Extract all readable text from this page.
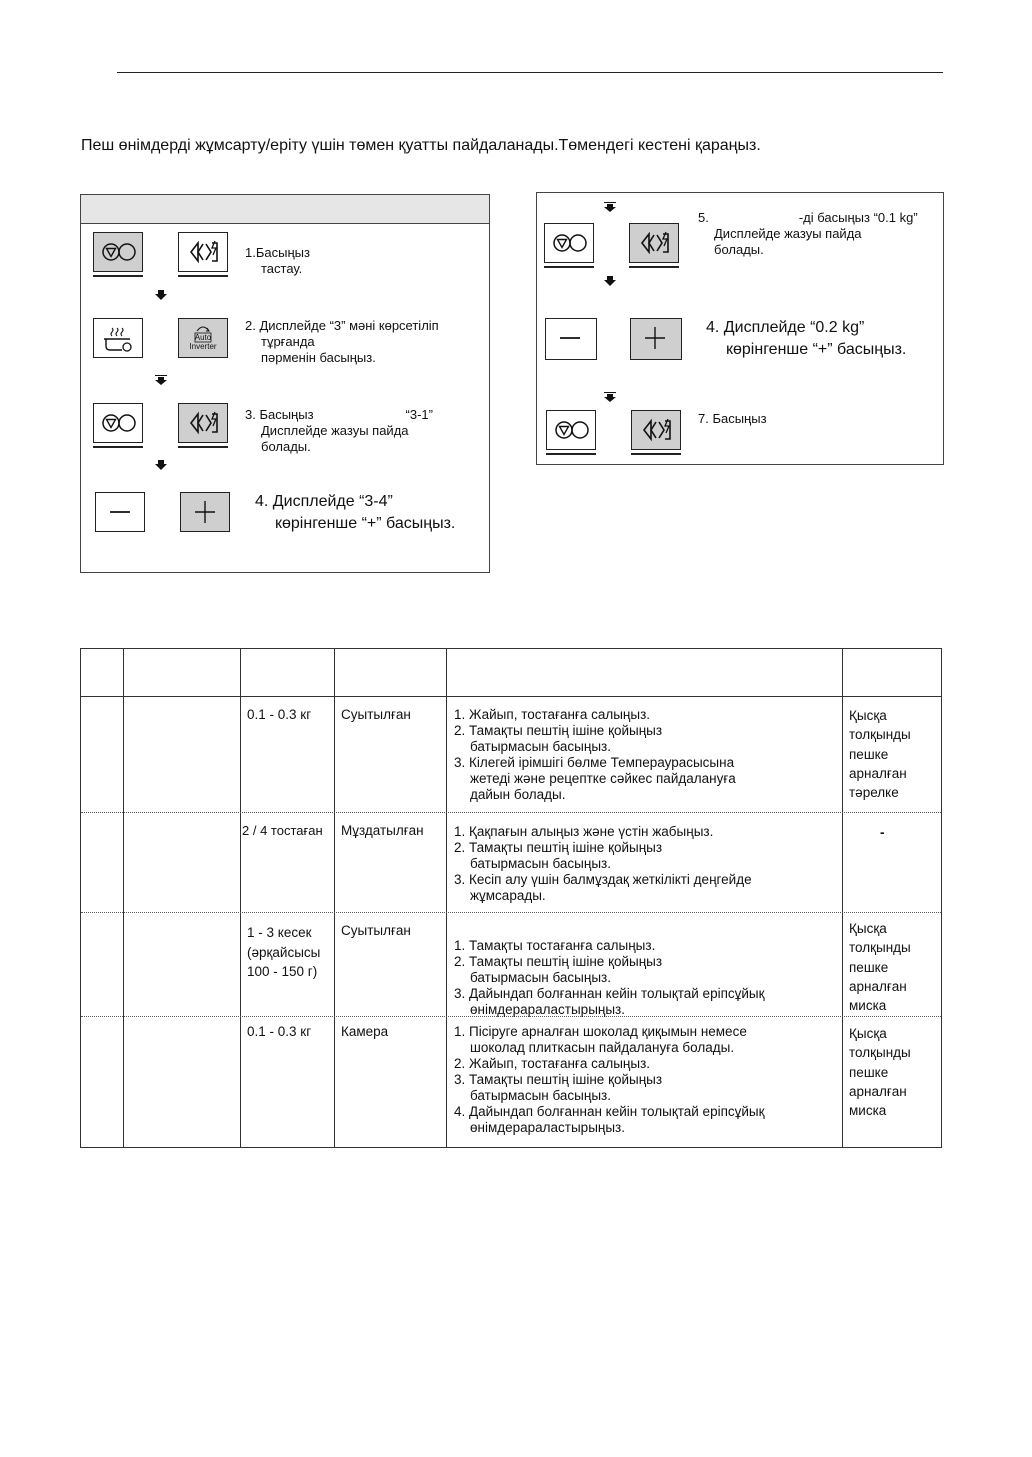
Пеш өнімдерді жұмсарту/еріту үшін төмен қуатты пайдаланады.Төмендегі кестені қараңыз.
1.Басыңыз
тастау.
Auto
Inverter
2. Дисплейде “3” мәні көрсетіліп
тұрғанда
пәрменін басыңыз.
3. Басыңыз	“3-1”
Дисплейде жазуы пайда
болады.
4. Дисплейде “3-4”
көрінгенше “+” басыңыз.
5.	-ді басыңыз “0.1 kg”
Дисплейде жазуы пайда
болады.
4. Дисплейде “0.2 kg”
көрінгенше “+” басыңыз.
7. Басыңыз
0.1 - 0.3 кг Суытылған	1. Жайып, тостағанға салыңыз.
2. Тамақты пештің ішіне қойыңыз
батырмасын басыңыз.
3. Кілегей ірімшігі бөлме Темпераурасысына
жетеді және рецептке сәйкес пайдалануға
дайын болады.
Қысқа
толқынды
пешке
арналған
тәрелке
2 / 4 тостаған Мұздатылған 1. Қақпағын алыңыз және үстін жабыңыз.
2. Тамақты пештің ішіне қойыңыз
батырмасын басыңыз.
3. Кесіп алу үшін балмұздақ жеткілікті деңгейде
жұмсарады.
-
1 - 3 кесек
(әрқайсысы
100 - 150 г)
Суытылған
1. Тамақты тостағанға салыңыз.
2. Тамақты пештің ішіне қойыңыз
батырмасын басыңыз.
3. Дайындап болғаннан кейін толықтай еріпсұйық
өнімдерараластырыңыз.
Қысқа
толқынды
пешке
арналған
миска
0.1 - 0.3 кг Камера	1. Пісіруге арналған шоколад қиқымын немесе
шоколад плиткасын пайдалануға болады.
2. Жайып, тостағанға салыңыз.
3. Тамақты пештің ішіне қойыңыз
батырмасын басыңыз.
4. Дайындап болғаннан кейін толықтай еріпсұйық
өнімдерараластырыңыз.
Қысқа
толқынды
пешке
арналған
миска
